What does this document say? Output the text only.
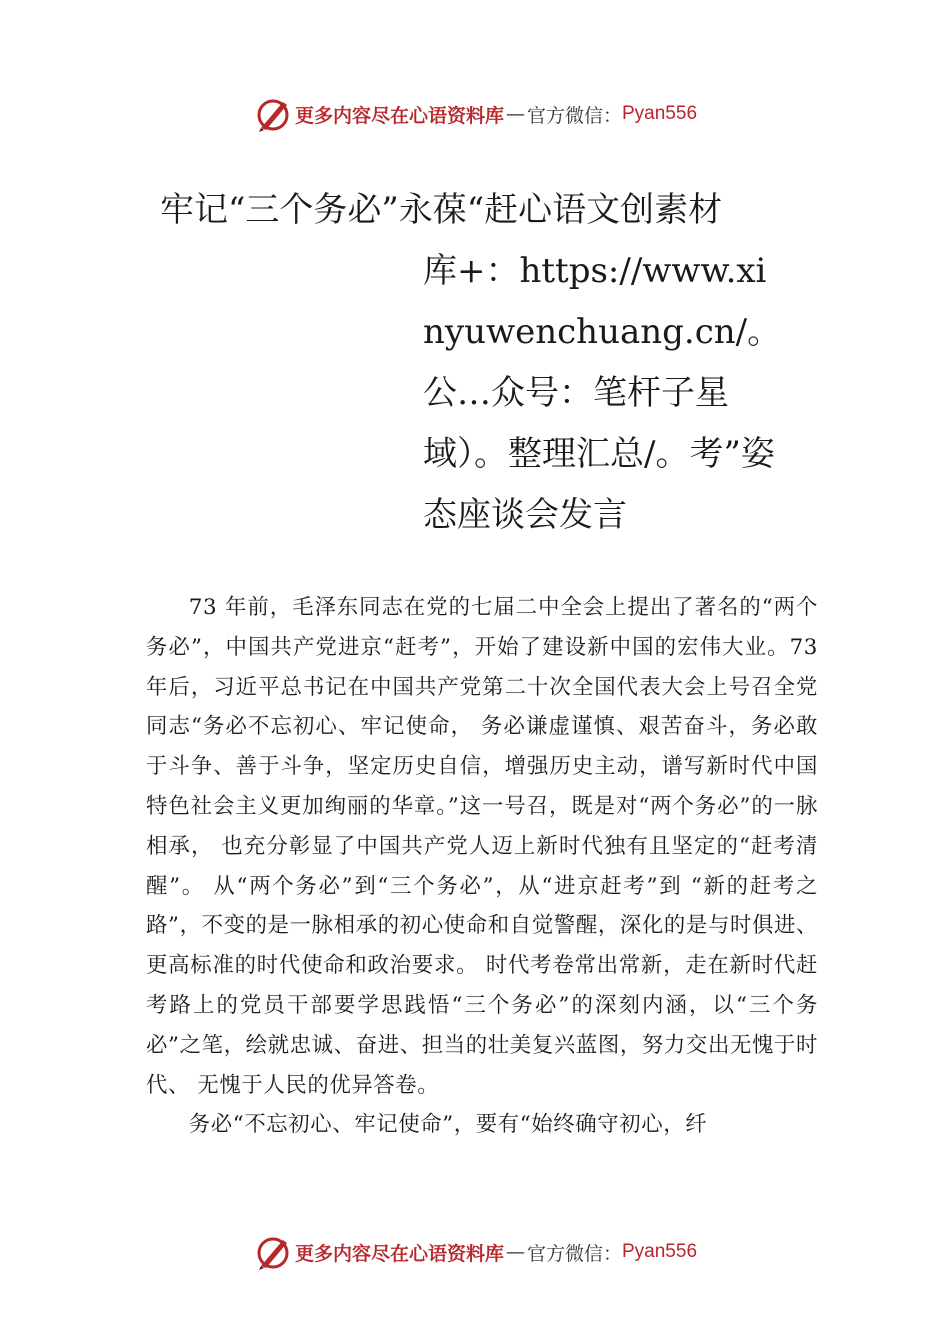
更多内容尽在心语资料库 — 官方微信： Pyan556
牢记“三个务必”永葆“赶心语文创素材
库+：https://www.xinyuwenchuang.cn/。公…众号：笔杆子星域）。整理汇总/。考”姿态座谈会发言

73 年前，毛泽东同志在党的七届二中全会上提出了著名的“两个务必”，中国共产党进京“赶考”，开始了建设新中国的宏伟大业。73 年后，习近平总书记在中国共产党第二十次全国代表大会上号召全党同志“务必不忘初心、牢记使命， 务必谦虚谨慎、艰苦奋斗，务必敢于斗争、善于斗争，坚定历史自信，增强历史主动，谱写新时代中国特色社会主义更加绚丽的华章。”这一号召，既是对“两个务必”的一脉相承， 也充分彰显了中国共产党人迈上新时代独有且坚定的“赶考清醒”。 从“两个务必”到“三个务必”，从“进京赶考”到 “新的赶考之路”，不变的是一脉相承的初心使命和自觉警醒，深化的是与时俱进、更高标准的时代使命和政治要求。 时代考卷常出常新，走在新时代赶考路上的党员干部要学思践悟“三个务必”的深刻内涵，以“三个务必”之笔，绘就忠诚、奋进、担当的壮美复兴蓝图，努力交出无愧于时代、 无愧于人民的优异答卷。

务必“不忘初心、牢记使命”，要有“始终确守初心，纤

更多内容尽在心语资料库 — 官方微信： Pyan556
